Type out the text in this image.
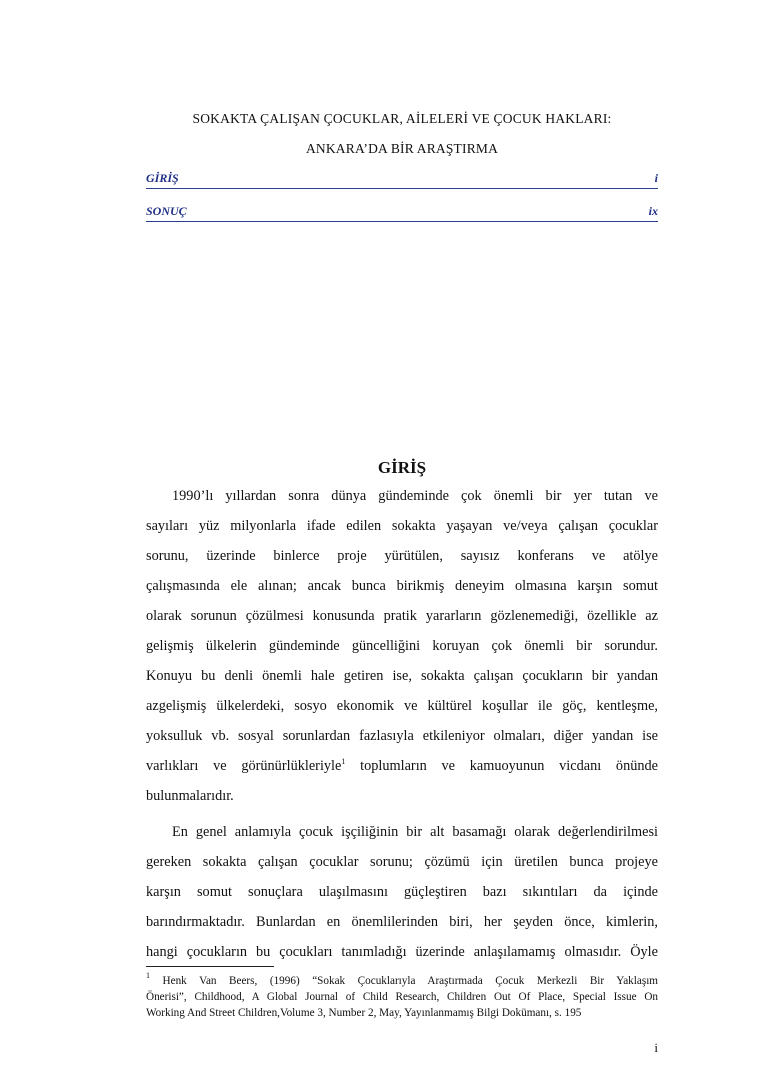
SOKAKTA ÇALIŞAN ÇOCUKLAR, AİLELERİ VE ÇOCUK HAKLARI:
ANKARA’DA BİR ARAŞTIRMA
GİRİŞ	i
SONUÇ	ix
GİRİŞ
1990’lı yıllardan sonra dünya gündeminde çok önemli bir yer tutan ve
sayıları yüz milyonlarla ifade edilen sokakta yaşayan ve/veya çalışan çocuklar
sorunu, üzerinde binlerce proje yürütülen, sayısız konferans ve atölye
çalışmasında ele alınan; ancak bunca birikmiş deneyim olmasına karşın somut
olarak sorunun çözülmesi konusunda pratik yararların gözlenemediği, özellikle az
gelişmiş ülkelerin gündeminde güncelliğini koruyan çok önemli bir sorundur.
Konuyu bu denli önemli hale getiren ise, sokakta çalışan çocukların bir yandan
azgelişmiş ülkelerdeki, sosyo ekonomik ve kültürel koşullar ile göç, kentleşme,
yoksulluk vb. sosyal sorunlardan fazlasıyla etkileniyor olmaları, diğer yandan ise
varlıkları ve görünürlükleriyle$^1$ toplumların ve kamuoyunun vicdanı önünde
bulunmalarıdır.
En genel anlamıyla çocuk işçiliğinin bir alt basamağı olarak değerlendirilmesi
gereken sokakta çalışan çocuklar sorunu; çözümü için üretilen bunca projeye
karşın somut sonuçlara ulaşılmasını güçleştiren bazı sıkıntıları da içinde
barındırmaktadır. Bunlardan en önemlilerinden biri, her şeyden önce, kimlerin,
hangi çocukların bu çocukları tanımladığı üzerinde anlaşılamamış olmasıdır. Öyle
$^1$ Henk Van Beers, (1996) “Sokak Çocuklarıyla Araştırmada Çocuk Merkezli Bir Yaklaşım
Önerisi”, Childhood, A Global Journal of Child Research, Children Out Of Place, Special Issue On
Working And Street Children,Volume 3, Number 2, May, Yayınlanmamış Bilgi Dokümanı, s. 195
i
